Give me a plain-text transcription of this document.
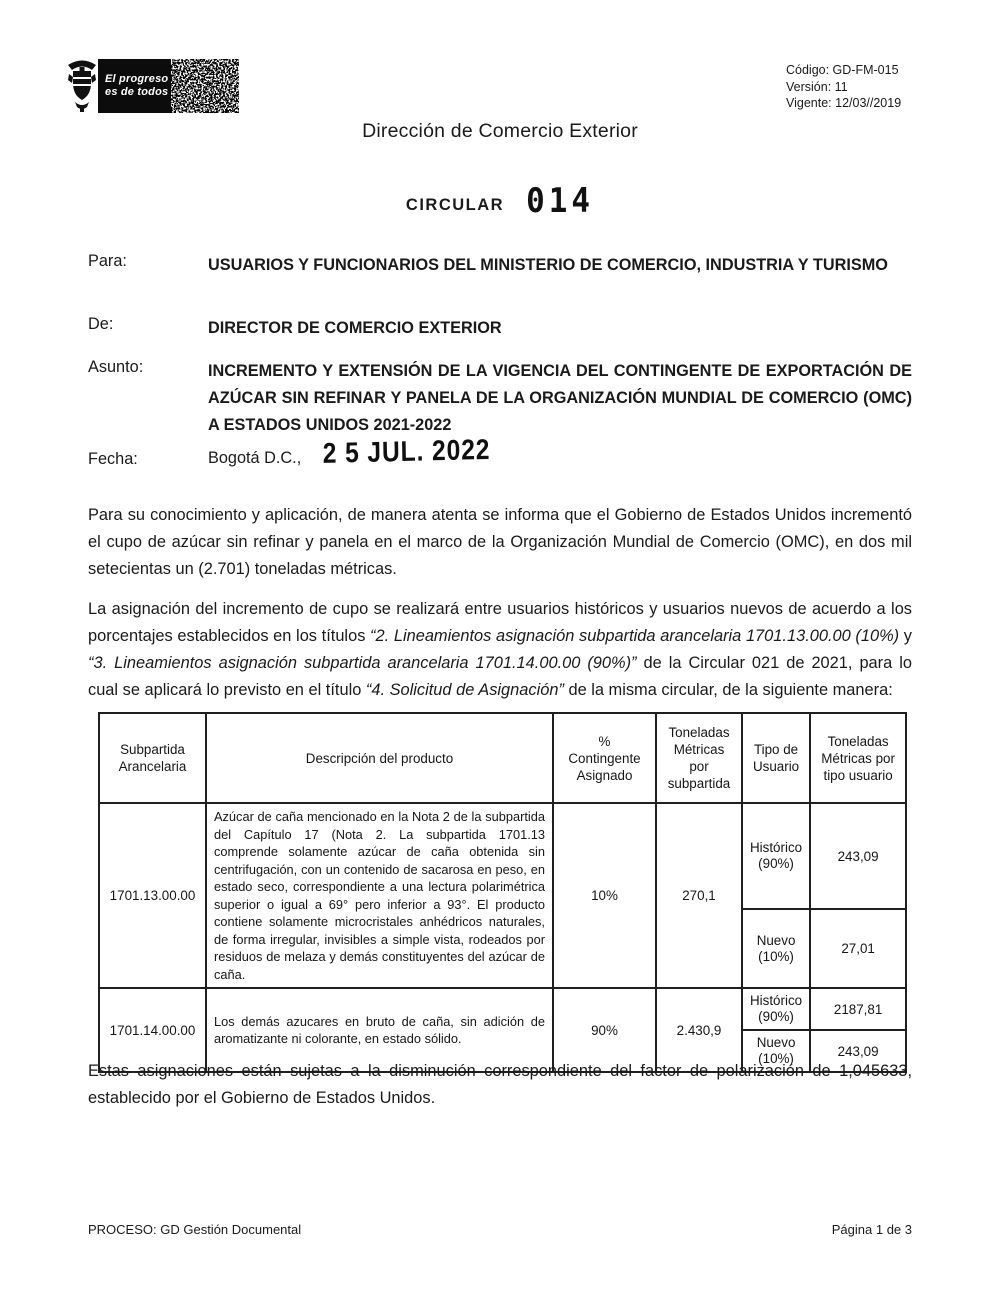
El progreso
es de todos
Código: GD-FM-015
Versión: 11
Vigente: 12/03//2019
Dirección de Comercio Exterior
CIRCULAR 014
Para:	USUARIOS Y FUNCIONARIOS DEL MINISTERIO DE COMERCIO, INDUSTRIA Y TURISMO
De:	DIRECTOR DE COMERCIO EXTERIOR
Asunto:	INCREMENTO Y EXTENSIÓN DE LA VIGENCIA DEL CONTINGENTE DE EXPORTACIÓN DE AZÚCAR SIN REFINAR Y PANELA DE LA ORGANIZACIÓN MUNDIAL DE COMERCIO (OMC) A ESTADOS UNIDOS 2021-2022
Fecha:	Bogotá D.C., 2 5 JUL. 2022
Para su conocimiento y aplicación, de manera atenta se informa que el Gobierno de Estados Unidos incrementó el cupo de azúcar sin refinar y panela en el marco de la Organización Mundial de Comercio (OMC), en dos mil setecientas un (2.701) toneladas métricas.
La asignación del incremento de cupo se realizará entre usuarios históricos y usuarios nuevos de acuerdo a los porcentajes establecidos en los títulos “2. Lineamientos asignación subpartida arancelaria 1701.13.00.00 (10%) y “3. Lineamientos asignación subpartida arancelaria 1701.14.00.00 (90%)” de la Circular 021 de 2021, para lo cual se aplicará lo previsto en el título “4. Solicitud de Asignación” de la misma circular, de la siguiente manera:
Subpartida Arancelaria	Descripción del producto	% Contingente Asignado	Toneladas Métricas por subpartida	Tipo de Usuario	Toneladas Métricas por tipo usuario
1701.13.00.00	Azúcar de caña mencionado en la Nota 2 de la subpartida del Capítulo 17 (Nota 2. La subpartida 1701.13 comprende solamente azúcar de caña obtenida sin centrifugación, con un contenido de sacarosa en peso, en estado seco, correspondiente a una lectura polarimétrica superior o igual a 69° pero inferior a 93°. El producto contiene solamente microcristales anhédricos naturales, de forma irregular, invisibles a simple vista, rodeados por residuos de melaza y demás constituyentes del azúcar de caña.	10%	270,1	Histórico (90%)	243,09
				Nuevo (10%)	27,01
1701.14.00.00	Los demás azucares en bruto de caña, sin adición de aromatizante ni colorante, en estado sólido.	90%	2.430,9	Histórico (90%)	2187,81
				Nuevo (10%)	243,09
Estas asignaciones están sujetas a la disminución correspondiente del factor de polarización de 1,045633, establecido por el Gobierno de Estados Unidos.
PROCESO: GD Gestión Documental	Página 1 de 3
